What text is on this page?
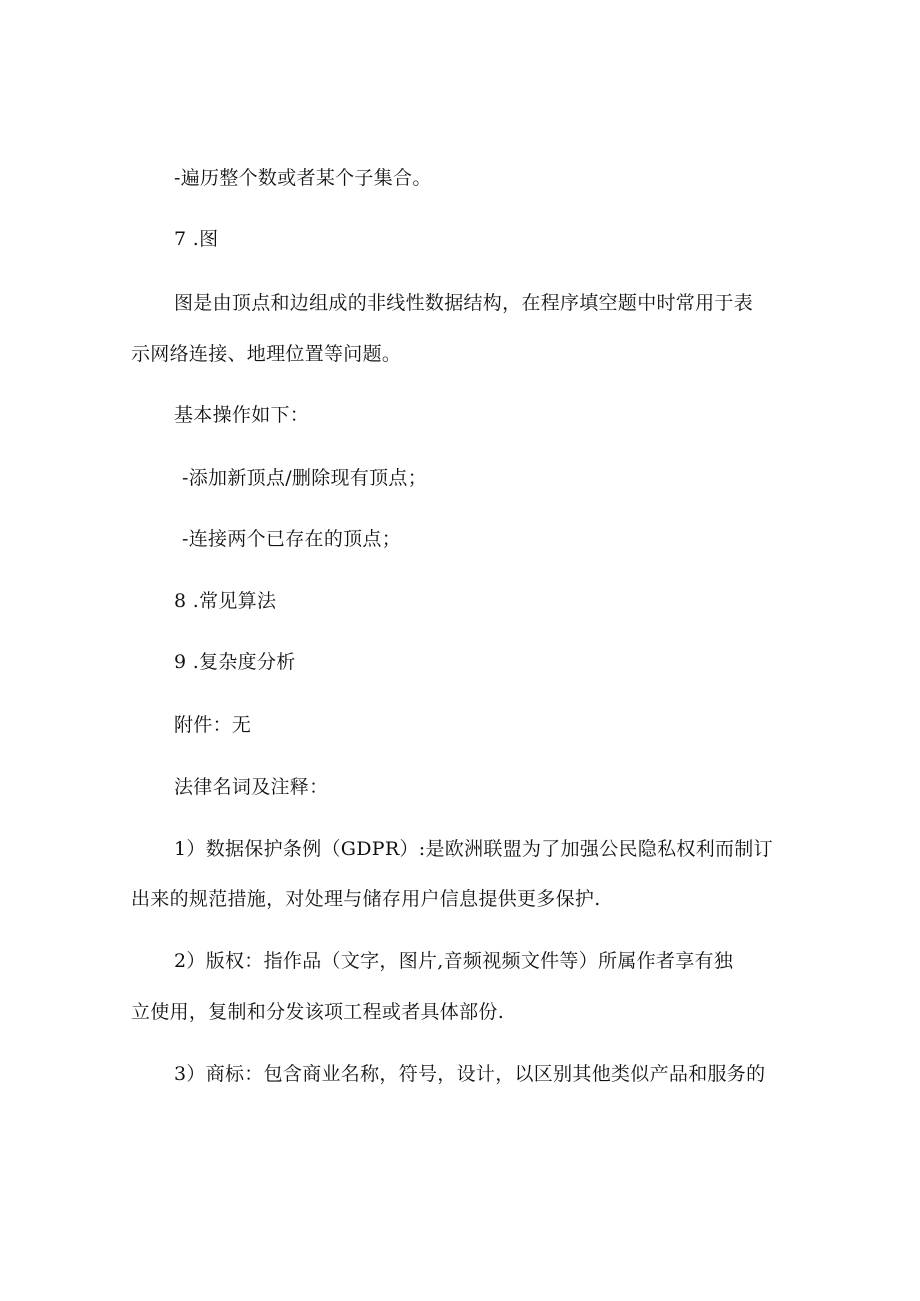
-遍历整个数或者某个子集合。
7 .图
图是由顶点和边组成的非线性数据结构，在程序填空题中时常用于表
示网络连接、地理位置等问题。
基本操作如下：
-添加新顶点/删除现有顶点；
-连接两个已存在的顶点；
8 .常见算法
9 .复杂度分析
附件：无
法律名词及注释：
1）数据保护条例（GDPR）:是欧洲联盟为了加强公民隐私权利而制订
出来的规范措施，对处理与储存用户信息提供更多保护.
2）版权：指作品（文字，图片,音频视频文件等）所属作者享有独
立使用，复制和分发该项工程或者具体部份.
3）商标：包含商业名称，符号，设计，以区别其他类似产品和服务的
